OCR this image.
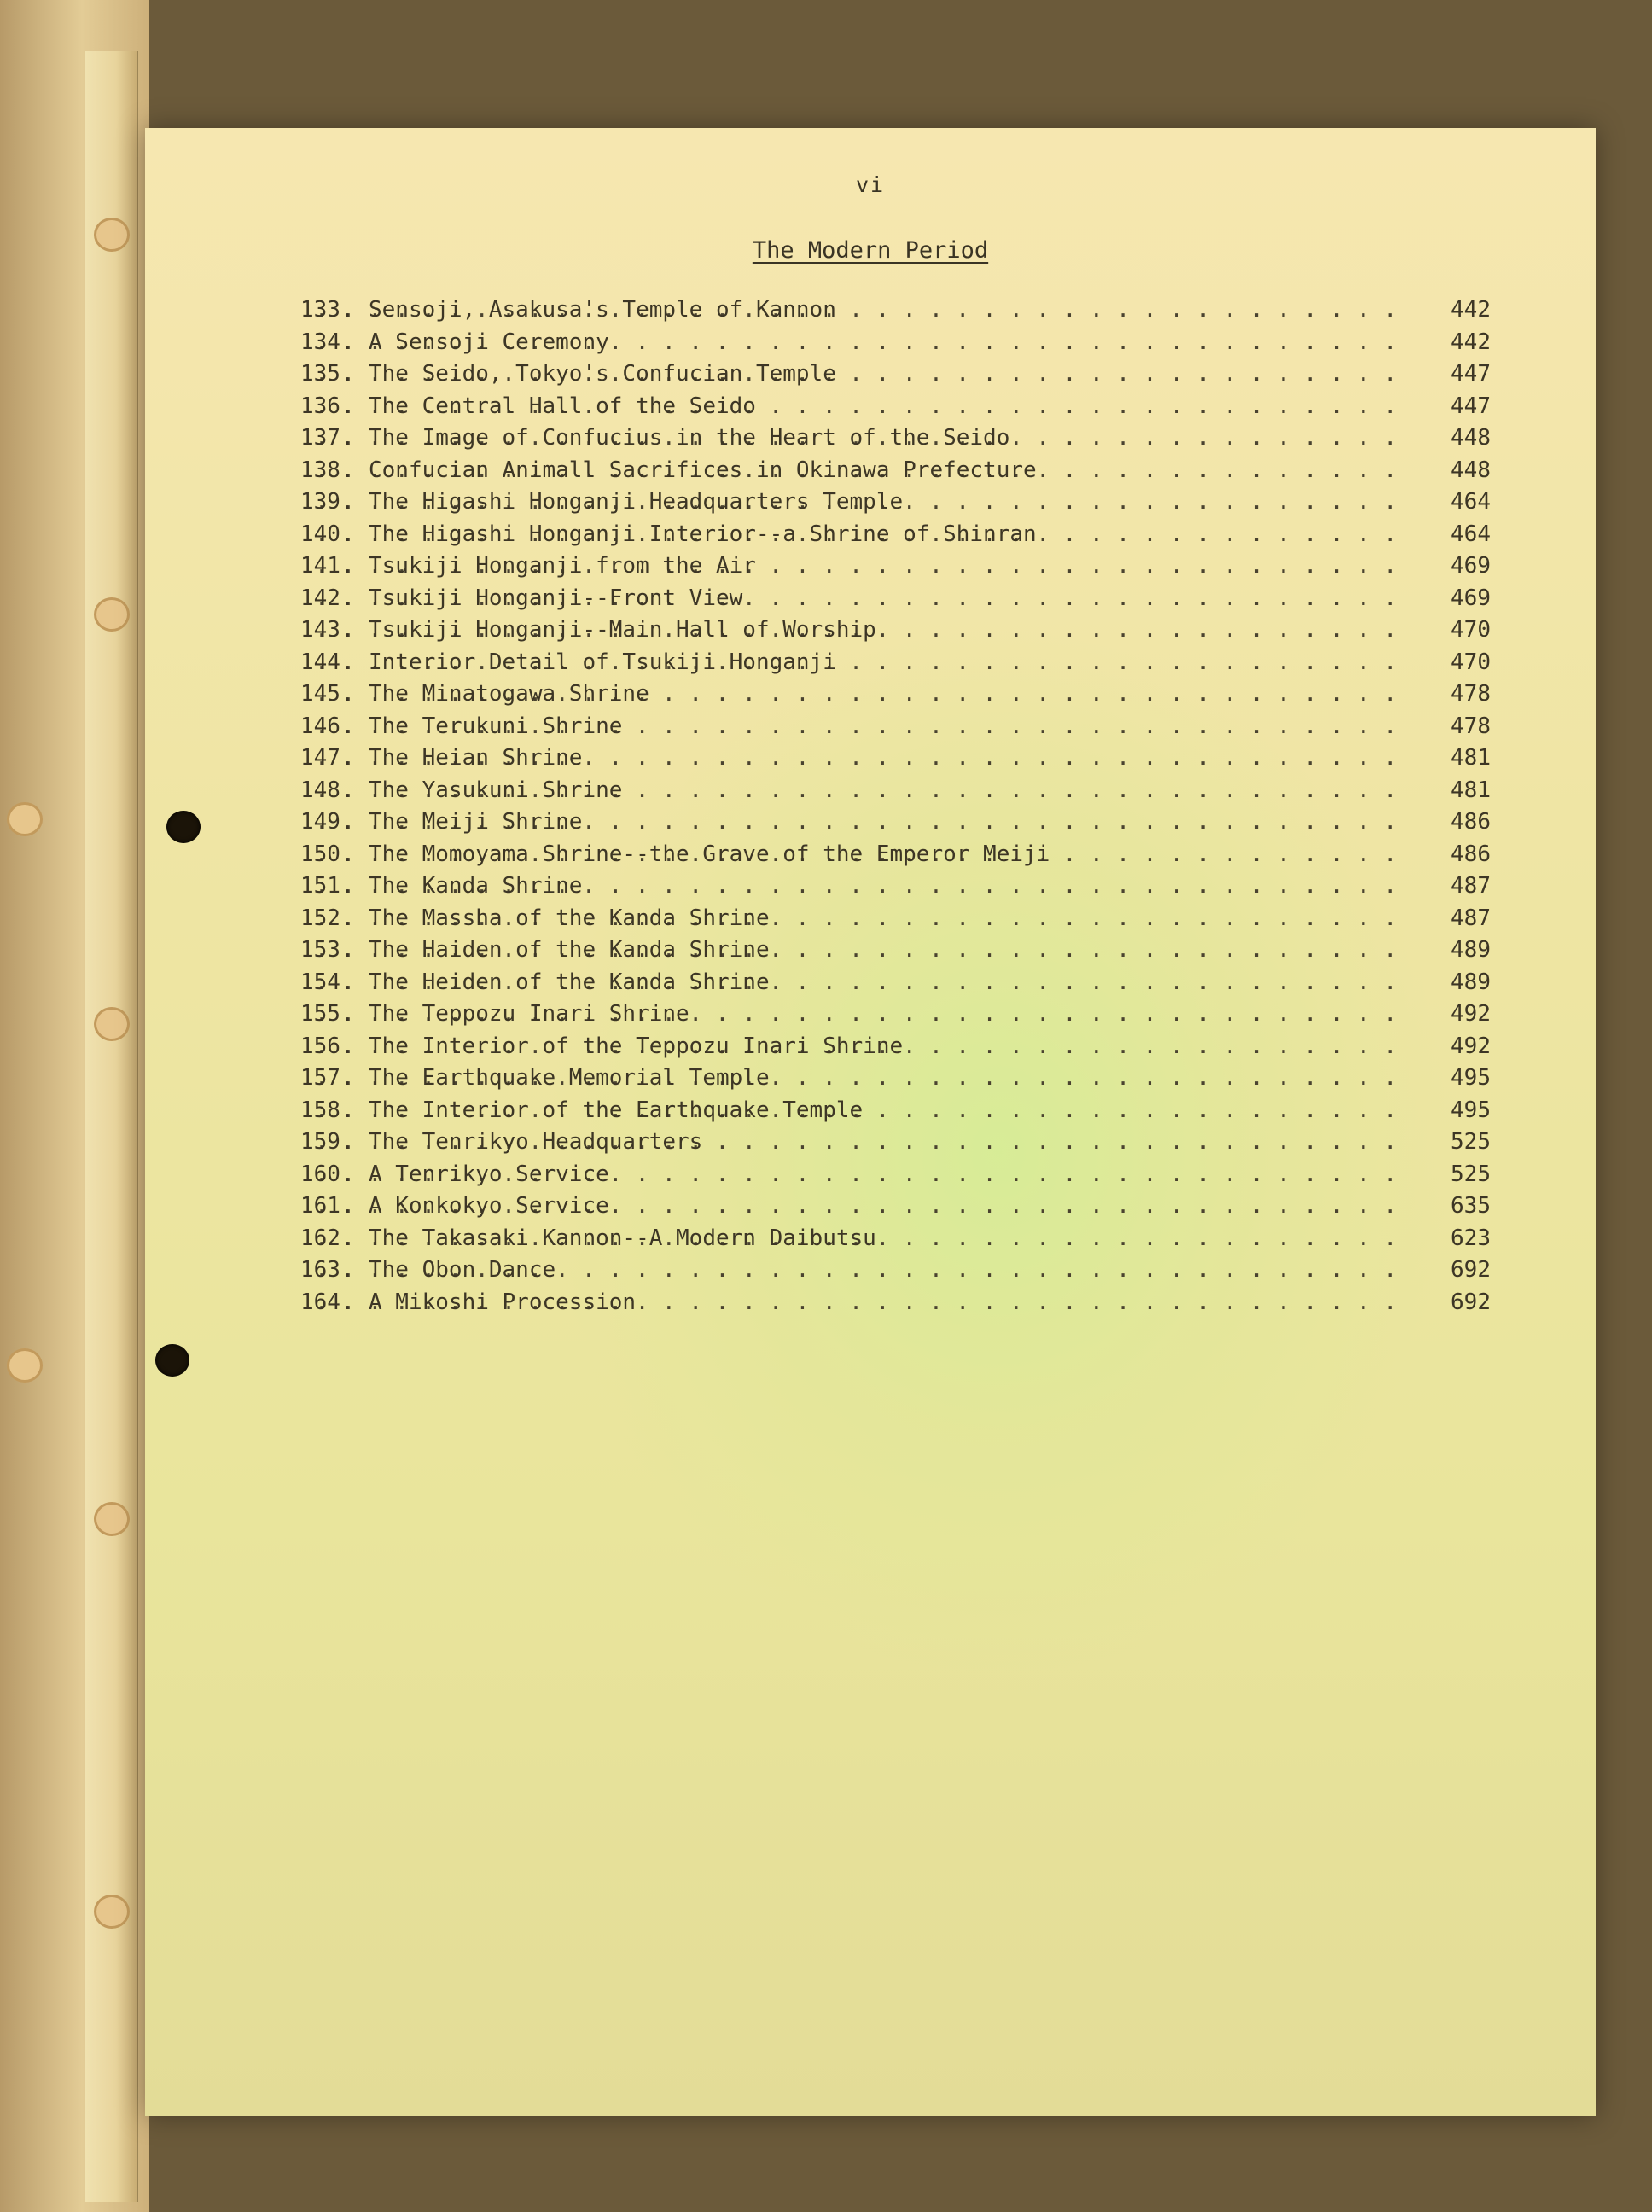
vi
The Modern Period
. . .
133. Sensoji, Asakusa's Temple of Kannon	442
. . .
134. A Sensoji Ceremony	442
. . .
135. The Seido, Tokyo's Confucian Temple	447
. . .
136. The Central Hall of the Seido	447
. . .
137. The Image of Confucius in the Heart of the Seido	448
. . .
138. Confucian Animall Sacrifices in Okinawa Prefecture	448
. . .
139. The Higashi Honganji Headquarters Temple	464
. . .
140. The Higashi Honganji Interior--a Shrine of Shinran	464
. . .
141. Tsukiji Honganji from the Air	469
. . .
142. Tsukiji Honganji--Front View	469
. . .
143. Tsukiji Honganji--Main Hall of Worship	470
. . .
144. Interior Detail of Tsukiji Honganji	470
. . .
145. The Minatogawa Shrine	478
. . .
146. The Terukuni Shrine	478
. . .
147. The Heian Shrine	481
. . .
148. The Yasukuni Shrine	481
. . .
149. The Meiji Shrine	486
. . .
150. The Momoyama Shrine--the Grave of the Emperor Meiji	486
. . .
151. The Kanda Shrine	487
. . .
152. The Massha of the Kanda Shrine	487
. . .
153. The Haiden of the Kanda Shrine	489
. . .
154. The Heiden of the Kanda Shrine	489
. . .
155. The Teppozu Inari Shrine	492
. . .
156. The Interior of the Teppozu Inari Shrine	492
. . .
157. The Earthquake Memorial Temple	495
. . .
158. The Interior of the Earthquake Temple	495
. . .
159. The Tenrikyo Headquarters	525
. . .
160. A Tenrikyo Service	525
. . .
161. A Konkokyo Service	635
. . .
162. The Takasaki Kannon--A Modern Daibutsu	623
. . .
163. The Obon Dance	692
. . .
164. A Mikoshi Procession	692
